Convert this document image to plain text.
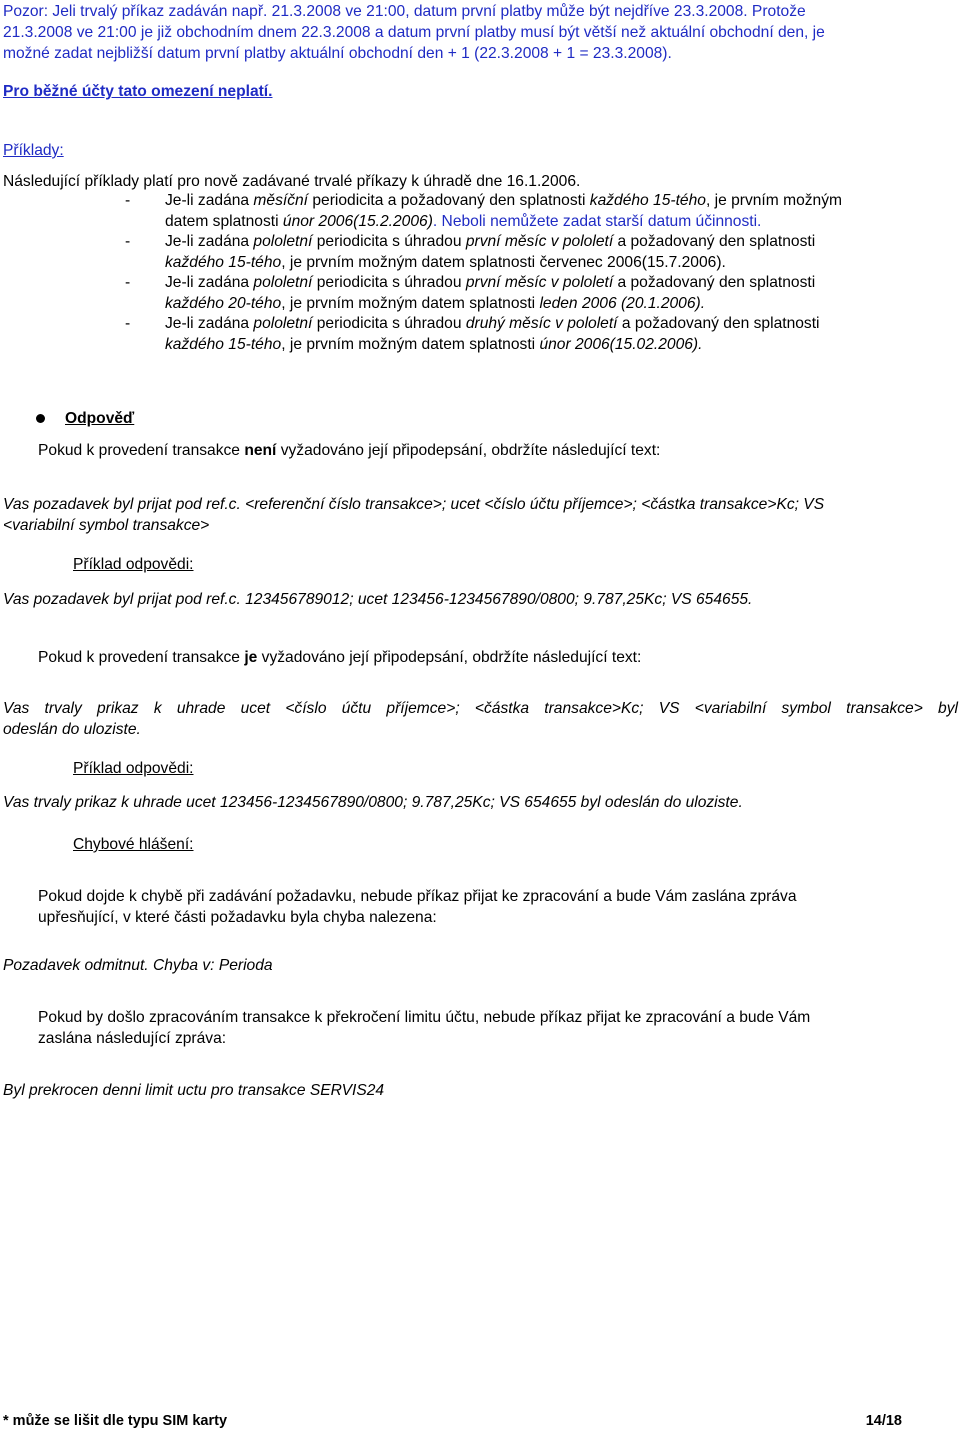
Pozor: Jeli trvalý příkaz zadáván např. 21.3.2008 ve 21:00, datum první platby může být nejdříve 23.3.2008. Protože
21.3.2008 ve 21:00 je již obchodním dnem 22.3.2008 a datum první platby musí být větší než aktuální obchodní den, je
možné zadat nejbližší datum první platby aktuální obchodní den + 1 (22.3.2008 + 1 = 23.3.2008).
Pro běžné účty tato omezení neplatí.
Příklady:
Následující příklady platí pro nově zadávané trvalé příkazy k úhradě dne 16.1.2006.
- Je-li zadána měsíční periodicita a požadovaný den splatnosti každého 15-tého, je prvním možným
datem splatnosti únor 2006(15.2.2006). Neboli nemůžete zadat starší datum účinnosti.
- Je-li zadána pololetní periodicita s úhradou první měsíc v pololetí a požadovaný den splatnosti
každého 15-tého, je prvním možným datem splatnosti červenec 2006(15.7.2006).
- Je-li zadána pololetní periodicita s úhradou první měsíc v pololetí a požadovaný den splatnosti
každého 20-tého, je prvním možným datem splatnosti leden 2006 (20.1.2006).
- Je-li zadána pololetní periodicita s úhradou druhý měsíc v pololetí a požadovaný den splatnosti
každého 15-tého, je prvním možným datem splatnosti únor 2006(15.02.2006).
Odpověď
Pokud k provedení transakce není vyžadováno její připodepsání, obdržíte následující text:
Vas pozadavek byl prijat pod ref.c. <referenční číslo transakce>; ucet <číslo účtu příjemce>; <částka transakce>Kc; VS
<variabilní symbol transakce>
Příklad odpovědi:
Vas pozadavek byl prijat pod ref.c. 123456789012; ucet 123456-1234567890/0800; 9.787,25Kc; VS 654655.
Pokud k provedení transakce je vyžadováno její připodepsání, obdržíte následující text:
Vas trvaly prikaz k uhrade ucet <číslo účtu příjemce>; <částka transakce>Kc; VS <variabilní symbol transakce> byl
odeslán do uloziste.
Příklad odpovědi:
Vas trvaly prikaz k uhrade ucet 123456-1234567890/0800; 9.787,25Kc; VS 654655 byl odeslán do uloziste.
Chybové hlášení:
Pokud dojde k chybě při zadávání požadavku, nebude příkaz přijat ke zpracování a bude Vám zaslána zpráva
upřesňující, v které části požadavku byla chyba nalezena:
Pozadavek odmitnut. Chyba v: Perioda
Pokud by došlo zpracováním transakce k překročení limitu účtu, nebude příkaz přijat ke zpracování a bude Vám
zaslána následující zpráva:
Byl prekrocen denni limit uctu pro transakce SERVIS24
* může se lišit dle typu SIM karty	14/18
